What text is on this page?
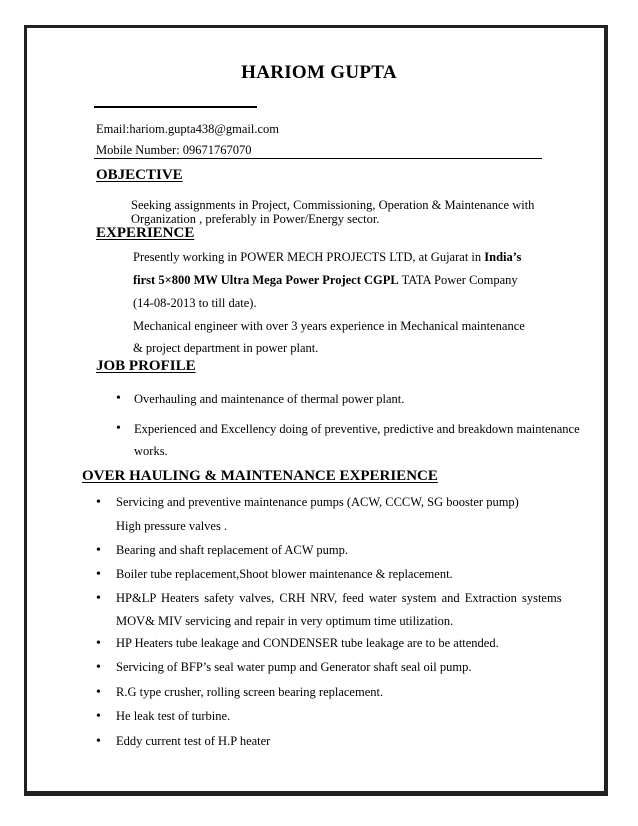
HARIOM GUPTA
Email:hariom.gupta438@gmail.com
Mobile Number: 09671767070
OBJECTIVE
Seeking assignments in Project, Commissioning, Operation & Maintenance with
Organization , preferably in Power/Energy sector.
EXPERIENCE
Presently working in POWER MECH PROJECTS LTD, at Gujarat in India’s
first 5×800 MW Ultra Mega Power Project CGPL TATA Power Company
(14-08-2013 to till date).
Mechanical engineer with over 3 years experience in Mechanical maintenance
& project department in power plant.
JOB PROFILE
• Overhauling and maintenance of thermal power plant.
• Experienced and Excellency doing of preventive, predictive and breakdown maintenance
works.
OVER HAULING & MAINTENANCE EXPERIENCE
• Servicing and preventive maintenance pumps (ACW, CCCW, SG booster pump)
High pressure valves .
• Bearing and shaft replacement of ACW pump.
• Boiler tube replacement,Shoot blower maintenance & replacement.
• HP&LP Heaters safety valves, CRH NRV, feed water system and Extraction systems
MOV& MIV servicing and repair in very optimum time utilization.
• HP Heaters tube leakage and CONDENSER tube leakage are to be attended.
• Servicing of BFP’s seal water pump and Generator shaft seal oil pump.
• R.G type crusher, rolling screen bearing replacement.
• He leak test of turbine.
• Eddy current test of H.P heater
